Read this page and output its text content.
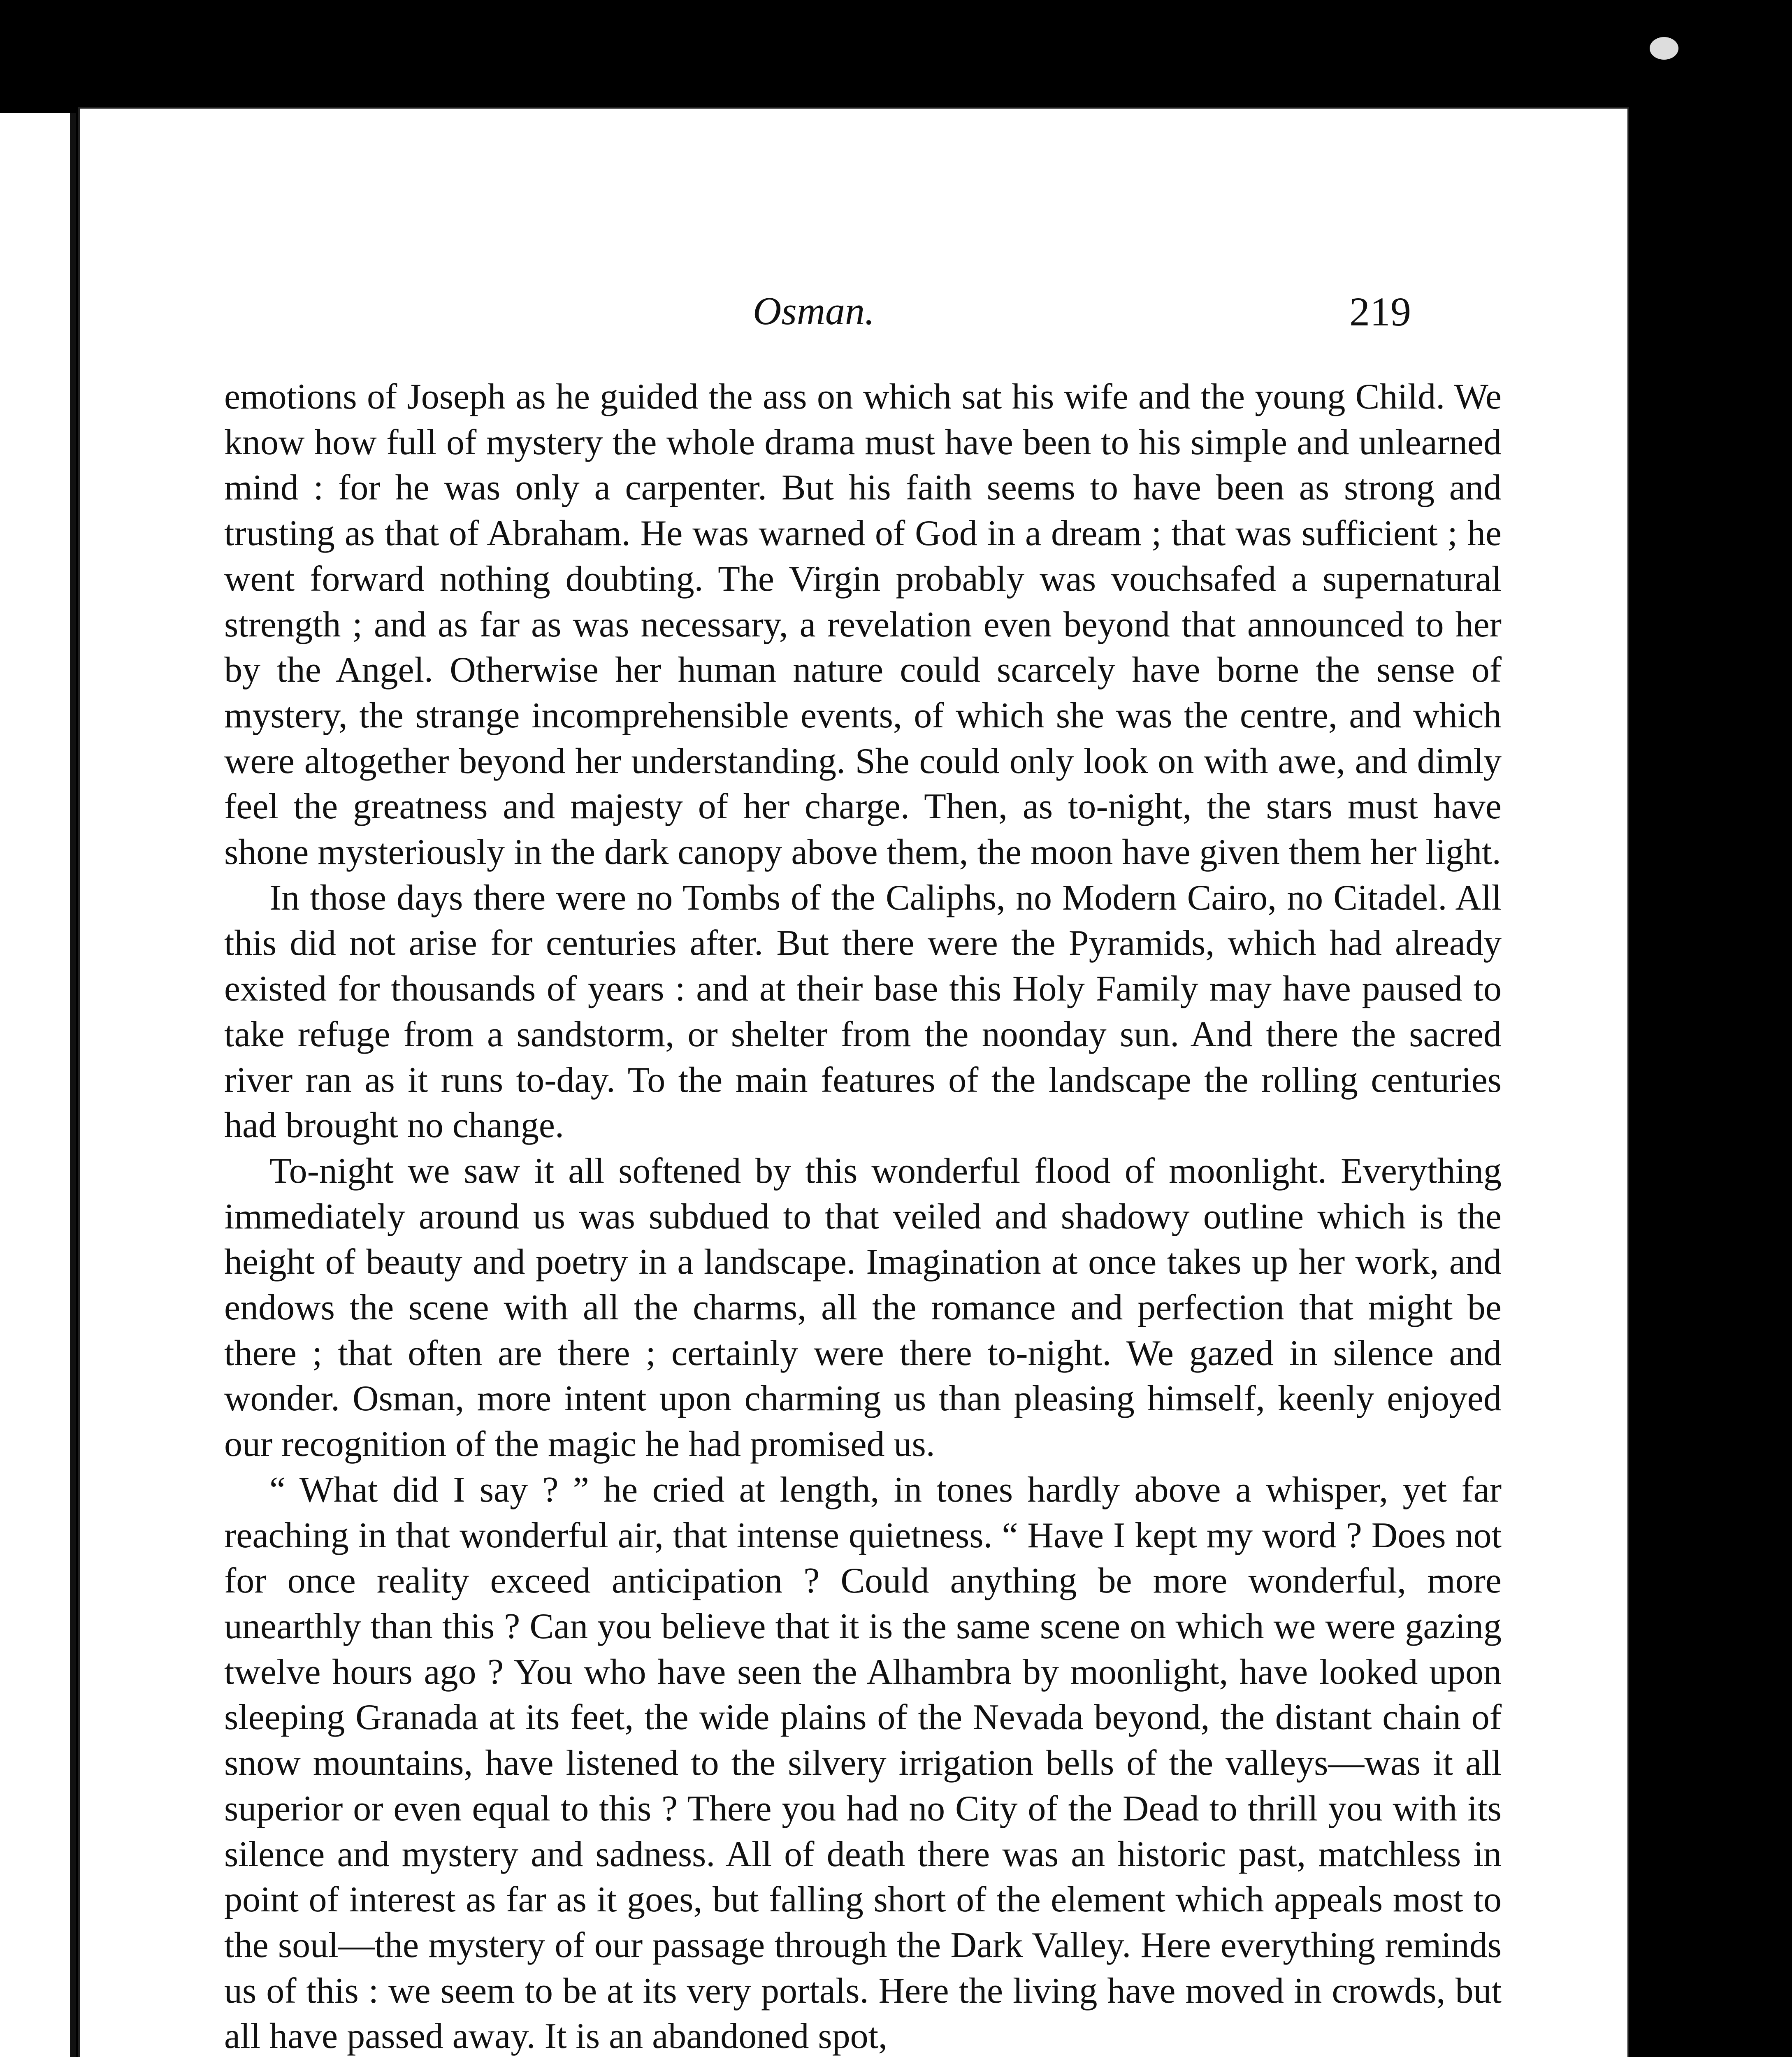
Osman.	219

emotions of Joseph as he guided the ass on which sat his wife and the young Child. We know how full of mystery the whole drama must have been to his simple and unlearned mind : for he was only a carpenter. But his faith seems to have been as strong and trusting as that of Abraham. He was warned of God in a dream ; that was sufficient ; he went forward nothing doubting. The Virgin probably was vouchsafed a supernatural strength ; and as far as was necessary, a revelation even beyond that announced to her by the Angel. Otherwise her human nature could scarcely have borne the sense of mystery, the strange incomprehensible events, of which she was the centre, and which were altogether beyond her understanding. She could only look on with awe, and dimly feel the greatness and majesty of her charge. Then, as to-night, the stars must have shone mysteriously in the dark canopy above them, the moon have given them her light.

In those days there were no Tombs of the Caliphs, no Modern Cairo, no Citadel. All this did not arise for centuries after. But there were the Pyramids, which had already existed for thousands of years : and at their base this Holy Family may have paused to take refuge from a sandstorm, or shelter from the noonday sun. And there the sacred river ran as it runs to-day. To the main features of the landscape the rolling centuries had brought no change.

To-night we saw it all softened by this wonderful flood of moonlight. Everything immediately around us was subdued to that veiled and shadowy outline which is the height of beauty and poetry in a landscape. Imagination at once takes up her work, and endows the scene with all the charms, all the romance and perfection that might be there ; that often are there ; certainly were there to-night. We gazed in silence and wonder. Osman, more intent upon charming us than pleasing himself, keenly enjoyed our recognition of the magic he had promised us.

“ What did I say ? ” he cried at length, in tones hardly above a whisper, yet far reaching in that wonderful air, that intense quietness. “ Have I kept my word ? Does not for once reality exceed anticipation ? Could anything be more wonderful, more unearthly than this ? Can you believe that it is the same scene on which we were gazing twelve hours ago ? You who have seen the Alhambra by moonlight, have looked upon sleeping Granada at its feet, the wide plains of the Nevada beyond, the distant chain of snow mountains, have listened to the silvery irrigation bells of the valleys—was it all superior or even equal to this ? There you had no City of the Dead to thrill you with its silence and mystery and sadness. All of death there was an historic past, matchless in point of interest as far as it goes, but falling short of the element which appeals most to the soul—the mystery of our passage through the Dark Valley. Here everything reminds us of this : we seem to be at its very portals. Here the living have moved in crowds, but all have passed away. It is an abandoned spot,
